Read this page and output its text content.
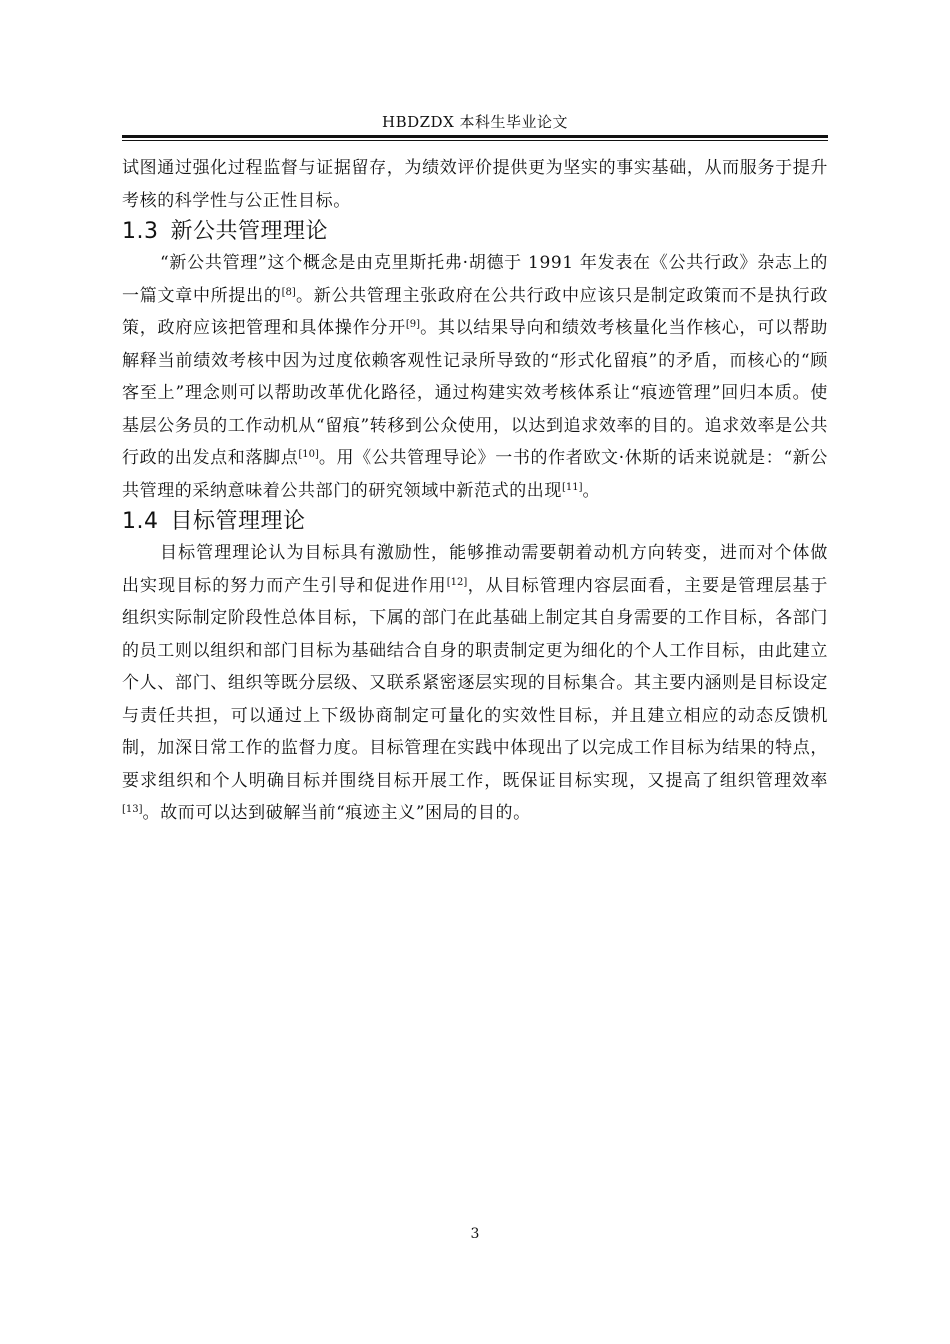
HBDZDX 本科生毕业论文

试图通过强化过程监督与证据留存，为绩效评价提供更为坚实的事实基础，从而服务于提升考核的科学性与公正性目标。

1.3 新公共管理理论

“新公共管理”这个概念是由克里斯托弗·胡德于 1991 年发表在《公共行政》杂志上的一篇文章中所提出的[8]。新公共管理主张政府在公共行政中应该只是制定政策而不是执行政策，政府应该把管理和具体操作分开[9]。其以结果导向和绩效考核量化当作核心，可以帮助解释当前绩效考核中因为过度依赖客观性记录所导致的“形式化留痕”的矛盾，而核心的“顾客至上”理念则可以帮助改革优化路径，通过构建实效考核体系让“痕迹管理”回归本质。使基层公务员的工作动机从“留痕”转移到公众使用，以达到追求效率的目的。追求效率是公共行政的出发点和落脚点[10]。用《公共管理导论》一书的作者欧文·休斯的话来说就是：“新公共管理的采纳意味着公共部门的研究领域中新范式的出现[11]。

1.4 目标管理理论

目标管理理论认为目标具有激励性，能够推动需要朝着动机方向转变，进而对个体做出实现目标的努力而产生引导和促进作用[12]，从目标管理内容层面看，主要是管理层基于组织实际制定阶段性总体目标，下属的部门在此基础上制定其自身需要的工作目标，各部门的员工则以组织和部门目标为基础结合自身的职责制定更为细化的个人工作目标，由此建立个人、部门、组织等既分层级、又联系紧密逐层实现的目标集合。其主要内涵则是目标设定与责任共担，可以通过上下级协商制定可量化的实效性目标，并且建立相应的动态反馈机制，加深日常工作的监督力度。目标管理在实践中体现出了以完成工作目标为结果的特点，要求组织和个人明确目标并围绕目标开展工作，既保证目标实现，又提高了组织管理效率[13]。故而可以达到破解当前“痕迹主义”困局的目的。

3
